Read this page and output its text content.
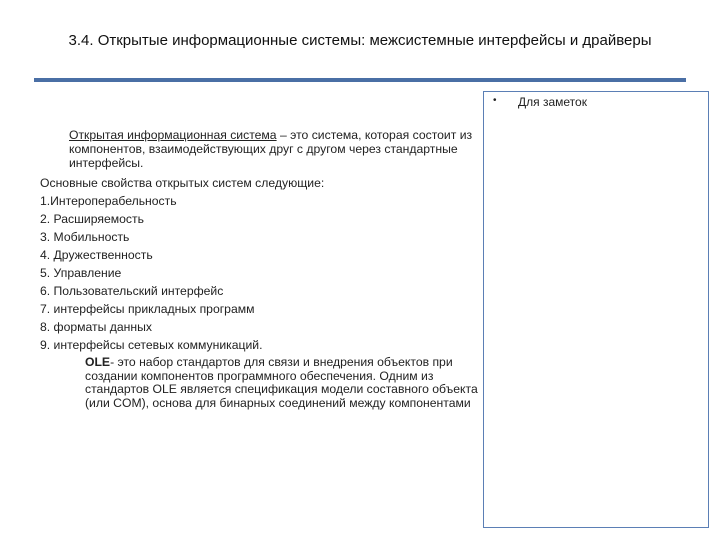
3.4. Открытые информационные системы: межсистемные интерфейсы и драйверы
• Для заметок
Открытая информационная система – это система, которая состоит из компонентов, взаимодействующих друг с другом через стандартные интерфейсы.
Основные свойства открытых систем следующие:
1.Интероперабельность
2. Расширяемость
3. Мобильность
4. Дружественность
5. Управление
6. Пользовательский интерфейс
7. интерфейсы прикладных программ
8. форматы данных
9. интерфейсы сетевых коммуникаций.
OLE- это набор стандартов для связи и внедрения объектов при создании компонентов программного обеспечения. Одним из стандартов OLE является спецификация модели составного объекта (или COM), основа для бинарных соединений между компонентами
